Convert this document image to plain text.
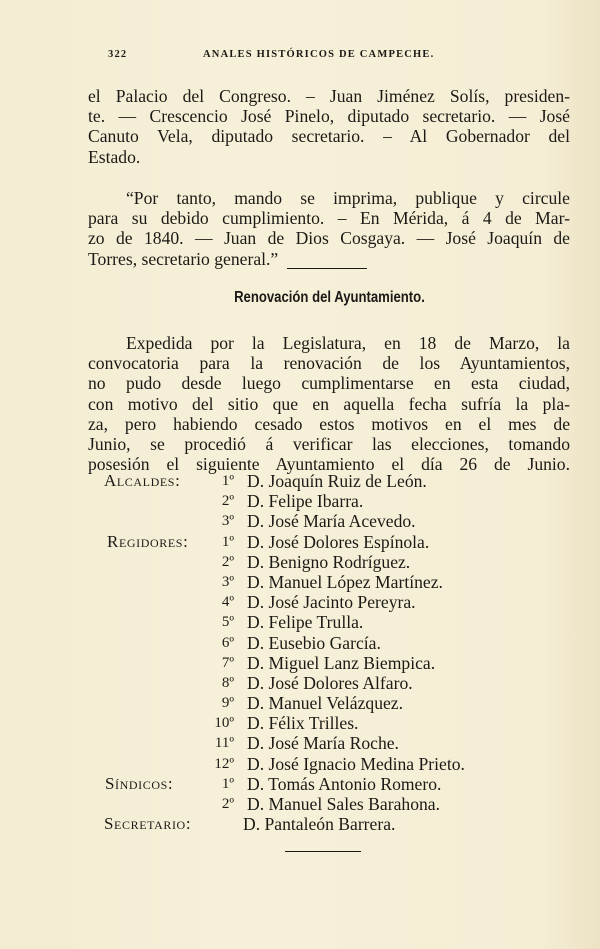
322	ANALES HISTÓRICOS DE CAMPECHE.
el Palacio del Congreso. – Juan Jiménez Solís, presiden-
te. — Crescencio José Pinelo, diputado secretario. — José
Canuto Vela, diputado secretario. – Al Gobernador del
Estado.
“Por tanto, mando se imprima, publique y circule
para su debido cumplimiento. – En Mérida, á 4 de Mar-
zo de 1840. — Juan de Dios Cosgaya. — José Joaquín de
Torres, secretario general.”
Renovación del Ayuntamiento.
Expedida por la Legislatura, en 18 de Marzo, la
convocatoria para la renovación de los Ayuntamientos,
no pudo desde luego cumplimentarse en esta ciudad,
con motivo del sitio que en aquella fecha sufría la pla-
za, pero habiendo cesado estos motivos en el mes de
Junio, se procedió á verificar las elecciones, tomando
posesión el siguiente Ayuntamiento el día 26 de Junio.
Alcaldes:	1º D. Joaquín Ruiz de León.
2º D. Felipe Ibarra.
3º D. José María Acevedo.
Regidores: 1º D. José Dolores Espínola.
2º D. Benigno Rodríguez.
3º D. Manuel López Martínez.
4º D. José Jacinto Pereyra.
5º D. Felipe Trulla.
6º D. Eusebio García.
7º D. Miguel Lanz Biempica.
8º D. José Dolores Alfaro.
9º D. Manuel Velázquez.
10º D. Félix Trilles.
11º D. José María Roche.
12º D. José Ignacio Medina Prieto.
Síndicos:	1º D. Tomás Antonio Romero.
2º D. Manuel Sales Barahona.
Secretario:	D. Pantaleón Barrera.
